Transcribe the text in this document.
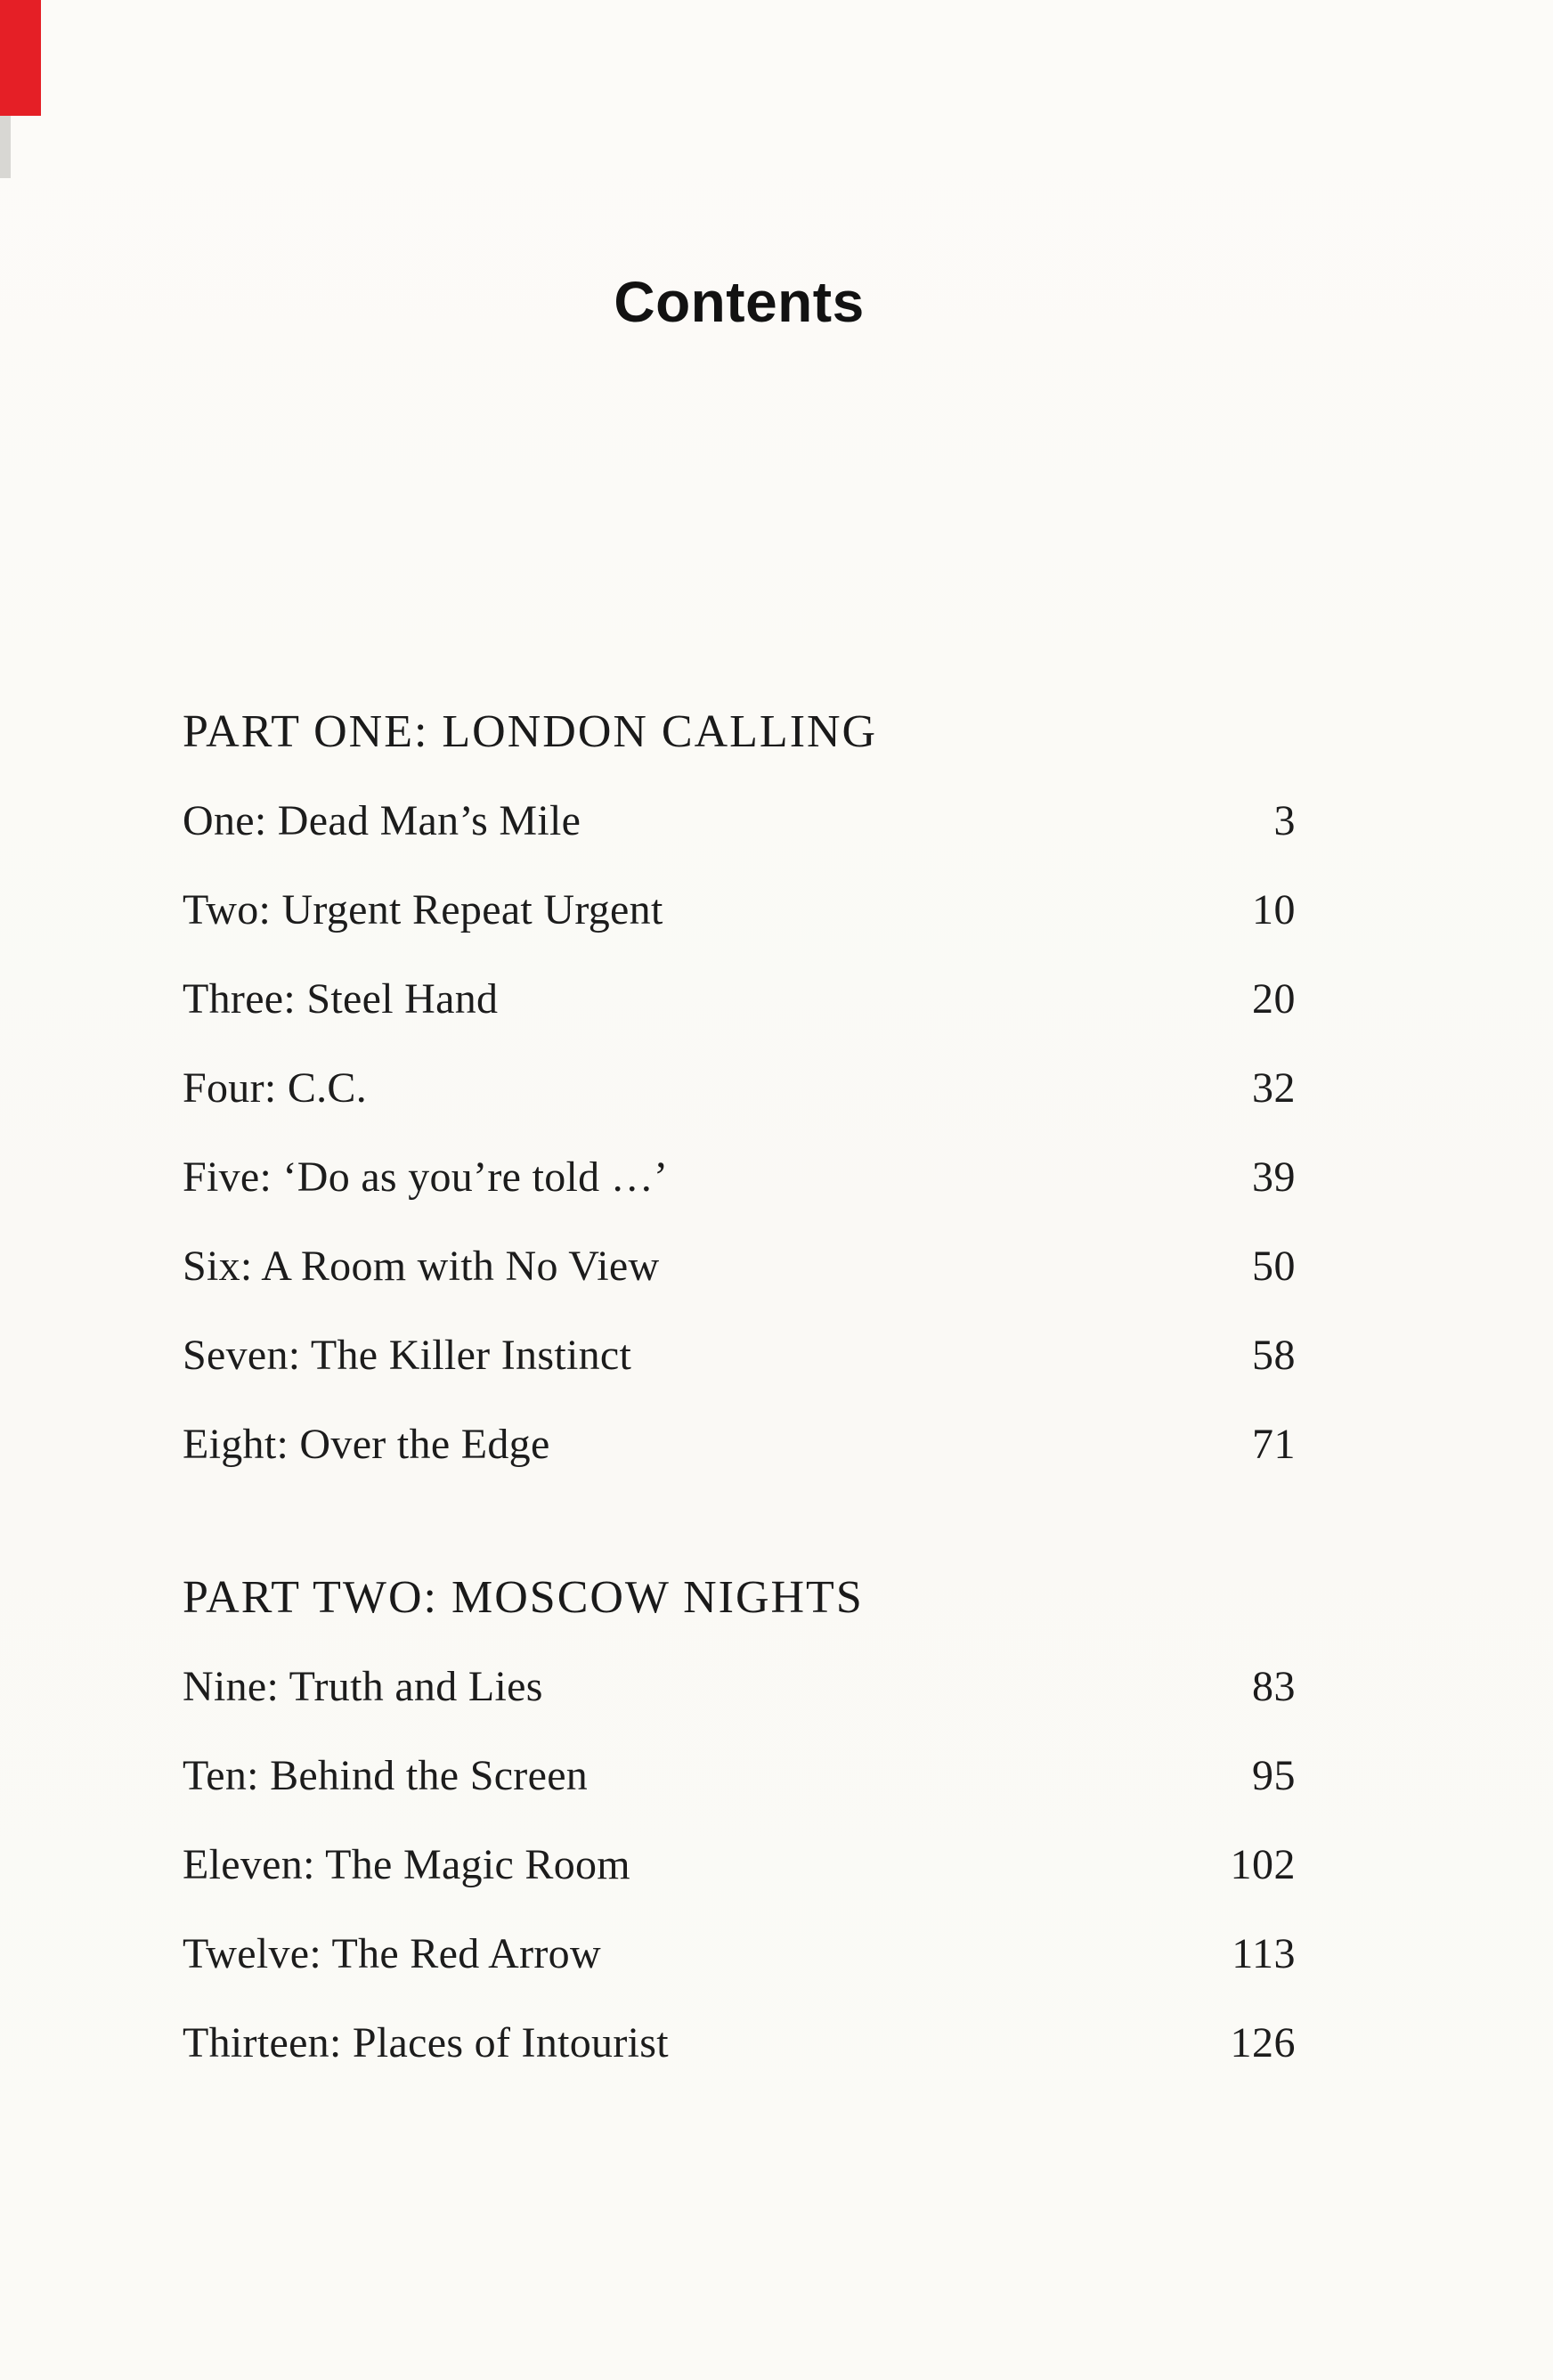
Contents
PART ONE: LONDON CALLING
One: Dead Man’s Mile	3
Two: Urgent Repeat Urgent	10
Three: Steel Hand	20
Four: C.C.	32
Five: ‘Do as you’re told …’	39
Six: A Room with No View	50
Seven: The Killer Instinct	58
Eight: Over the Edge	71
PART TWO: MOSCOW NIGHTS
Nine: Truth and Lies	83
Ten: Behind the Screen	95
Eleven: The Magic Room	102
Twelve: The Red Arrow	113
Thirteen: Places of Intourist	126
